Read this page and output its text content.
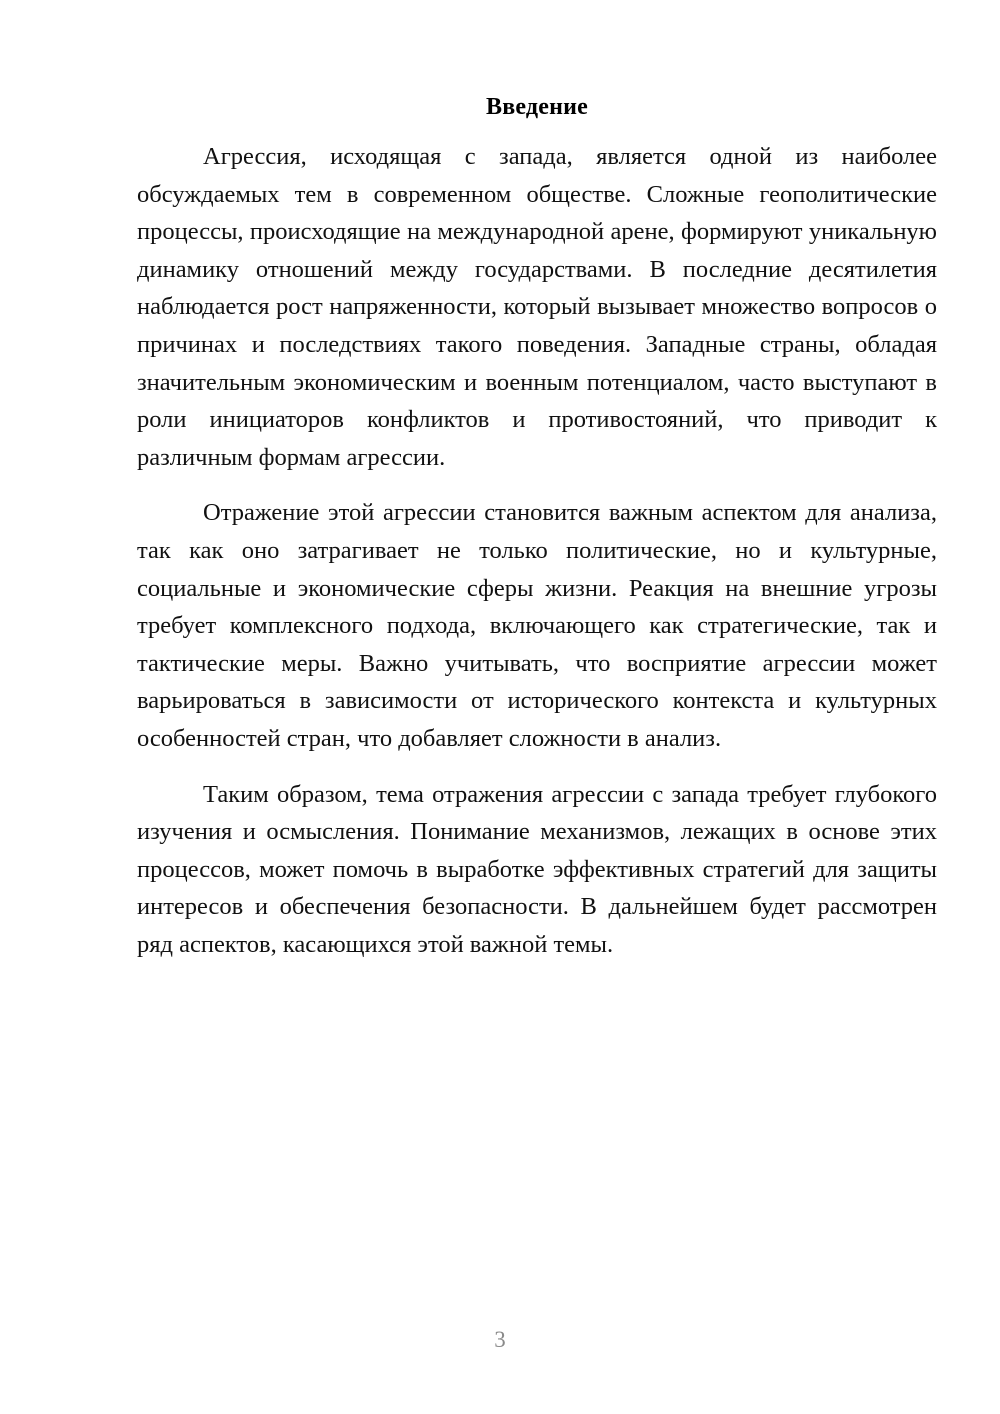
Введение

Агрессия, исходящая с запада, является одной из наиболее обсуждаемых тем в современном обществе. Сложные геополитические процессы, происходящие на международной арене, формируют уникальную динамику отношений между государствами. В последние десятилетия наблюдается рост напряженности, который вызывает множество вопросов о причинах и последствиях такого поведения. Западные страны, обладая значительным экономическим и военным потенциалом, часто выступают в роли инициаторов конфликтов и противостояний, что приводит к различным формам агрессии.

Отражение этой агрессии становится важным аспектом для анализа, так как оно затрагивает не только политические, но и культурные, социальные и экономические сферы жизни. Реакция на внешние угрозы требует комплексного подхода, включающего как стратегические, так и тактические меры. Важно учитывать, что восприятие агрессии может варьироваться в зависимости от исторического контекста и культурных особенностей стран, что добавляет сложности в анализ.

Таким образом, тема отражения агрессии с запада требует глубокого изучения и осмысления. Понимание механизмов, лежащих в основе этих процессов, может помочь в выработке эффективных стратегий для защиты интересов и обеспечения безопасности. В дальнейшем будет рассмотрен ряд аспектов, касающихся этой важной темы.

3
